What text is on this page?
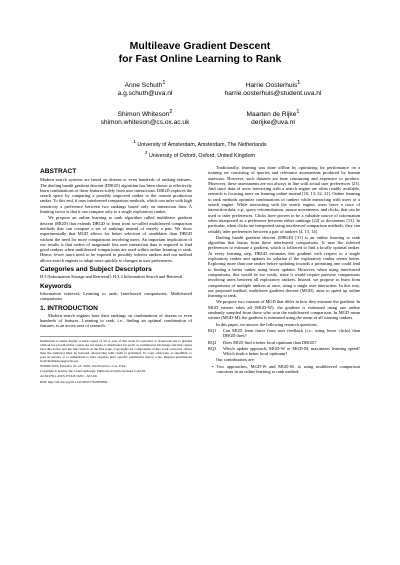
Multileave Gradient Descent
for Fast Online Learning to Rank
Anne Schuth$^1$
a.g.schuth@uva.nl
Harrie Oosterhuis$^1$
harrie.oosterhuis@student.uva.nl
Shimon Whiteson$^2$
shimon.whiteson@cs.ox.ac.uk
Maarten de Rijke$^1$
derijke@uva.nl
$^1$ University of Amsterdam, Amsterdam, The Netherlands
$^2$ University of Oxford, Oxford, United Kingdom
ABSTRACT

Modern search systems are based on dozens or even hundreds of ranking features. The dueling bandit gradient descent (DBGD) algorithm has been shown to effectively learn combinations of these features solely from user interactions. DBGD explores the search space by comparing a possibly improved ranker to the current production ranker. To this end, it uses interleaved comparison methods, which can infer with high sensitivity a preference between two rankings based only on interaction data. A limiting factor is that it can compare only to a single exploratory ranker.

We propose an online learning to rank algorithm called multileave gradient descent (MGD) that extends DBGD to learn from so-called multileaved comparison methods that can compare a set of rankings instead of merely a pair. We show experimentally that MGD allows for better selection of candidates than DBGD without the need for more comparisons involving users. An important implication of our results is that orders of magnitude less user interaction data is required to find good rankers when multileaved comparisons are used within online learning to rank. Hence, fewer users need to be exposed to possibly inferior rankers and our method allows search engines to adapt more quickly to changes in user preferences.

Categories and Subject Descriptors

H.3 [Information Storage and Retrieval]: H.3.3 Information Search and Retrieval

Keywords

Information retrieval; Learning to rank; Interleaved comparisons; Multileaved comparisons

1. INTRODUCTION

Modern search engines base their rankings on combinations of dozens or even hundreds of features. Learning to rank, i.e., finding an optimal combination of features, is an active area of research.

Permission to make digital or hard copies of all or part of this work for personal or classroom use is granted without fee provided that copies are not made or distributed for profit or commercial advantage and that copies bear this notice and the full citation on the first page. Copyrights for components of this work owned by others than the author(s) must be honored. Abstracting with credit is permitted. To copy otherwise, or republish, to post on servers or to redistribute to lists, requires prior specific permission and/or a fee. Request permissions from Permissions@acm.org.

WSDM 2016, February 22–25, 2016, San Francisco, CA, USA.

Copyright is held by the owner/author(s). Publication rights licensed to ACM.

ACM 978-1-4503-3716-8/16/02 ...$15.00.

DOI: http://dx.doi.org/10.1145/2835776.2835804.

Traditionally, learning was done offline by optimizing for performance on a training set consisting of queries and relevance assessments produced by human assessors. However, such datasets are time consuming and expensive to produce. Moreover, these assessments are not always in line with actual user preferences [23]. And since data of users interacting with a search engine are often readily available, research is focusing more on learning online instead [10, 13, 22, 31]. Online learning to rank methods optimize combinations of rankers while interacting with users of a search engine. While interacting with the search engine, users leave a trace of interaction data, e.g., query reformulations, mouse movements, and clicks, that can be used to infer preferences. Clicks have proven to be a valuable source of information when interpreted as a preference between either rankings [22] or documents [13]. In particular, when clicks are interpreted using interleaved comparison methods, they can reliably infer preferences between a pair of rankers [4, 13, 14].

Dueling bandit gradient descent (DBGD) [31] is an online learning to rank algorithm that learns from these interleaved comparisons. It uses the inferred preferences to estimate a gradient, which is followed to find a locally optimal ranker. At every learning step, DBGD estimates this gradient with respect to a single exploratory ranker and updates its solution if the exploratory ranker seems better. Exploring more than one ranker before updating towards a promising one could lead to finding a better ranker using fewer updates. However, when using interleaved comparisons, this would be too costly, since it would require pairwise comparisons involving users between all exploratory rankers. Instead, we propose to learn from comparisons of multiple rankers at once, using a single user interaction. In this way, our proposed method, multileave gradient descent (MGD), aims to speed up online learning to rank.

We propose two variants of MGD that differ in how they estimate the gradient. In MGD winner takes all (MGD-W), the gradient is estimated using one ranker randomly sampled from those who won the multileaved comparison. In MGD mean winner (MGD-M), the gradient is estimated using the mean of all winning rankers.

In this paper, we answer the following research questions.

RQ1	Can MGD learn faster from user feedback (i.e., using fewer clicks) than DBGD does?
RQ2	Does MGD find a better local optimum than DBGD?
RQ3	Which update approach, MGD-W or MGD-M, maximizes learning speed? Which finds a better local optimum?

Our contributions are:

• Two approaches, MGD-W and MGD-M, to using multileaved comparison outcomes in an online learning to rank method.
